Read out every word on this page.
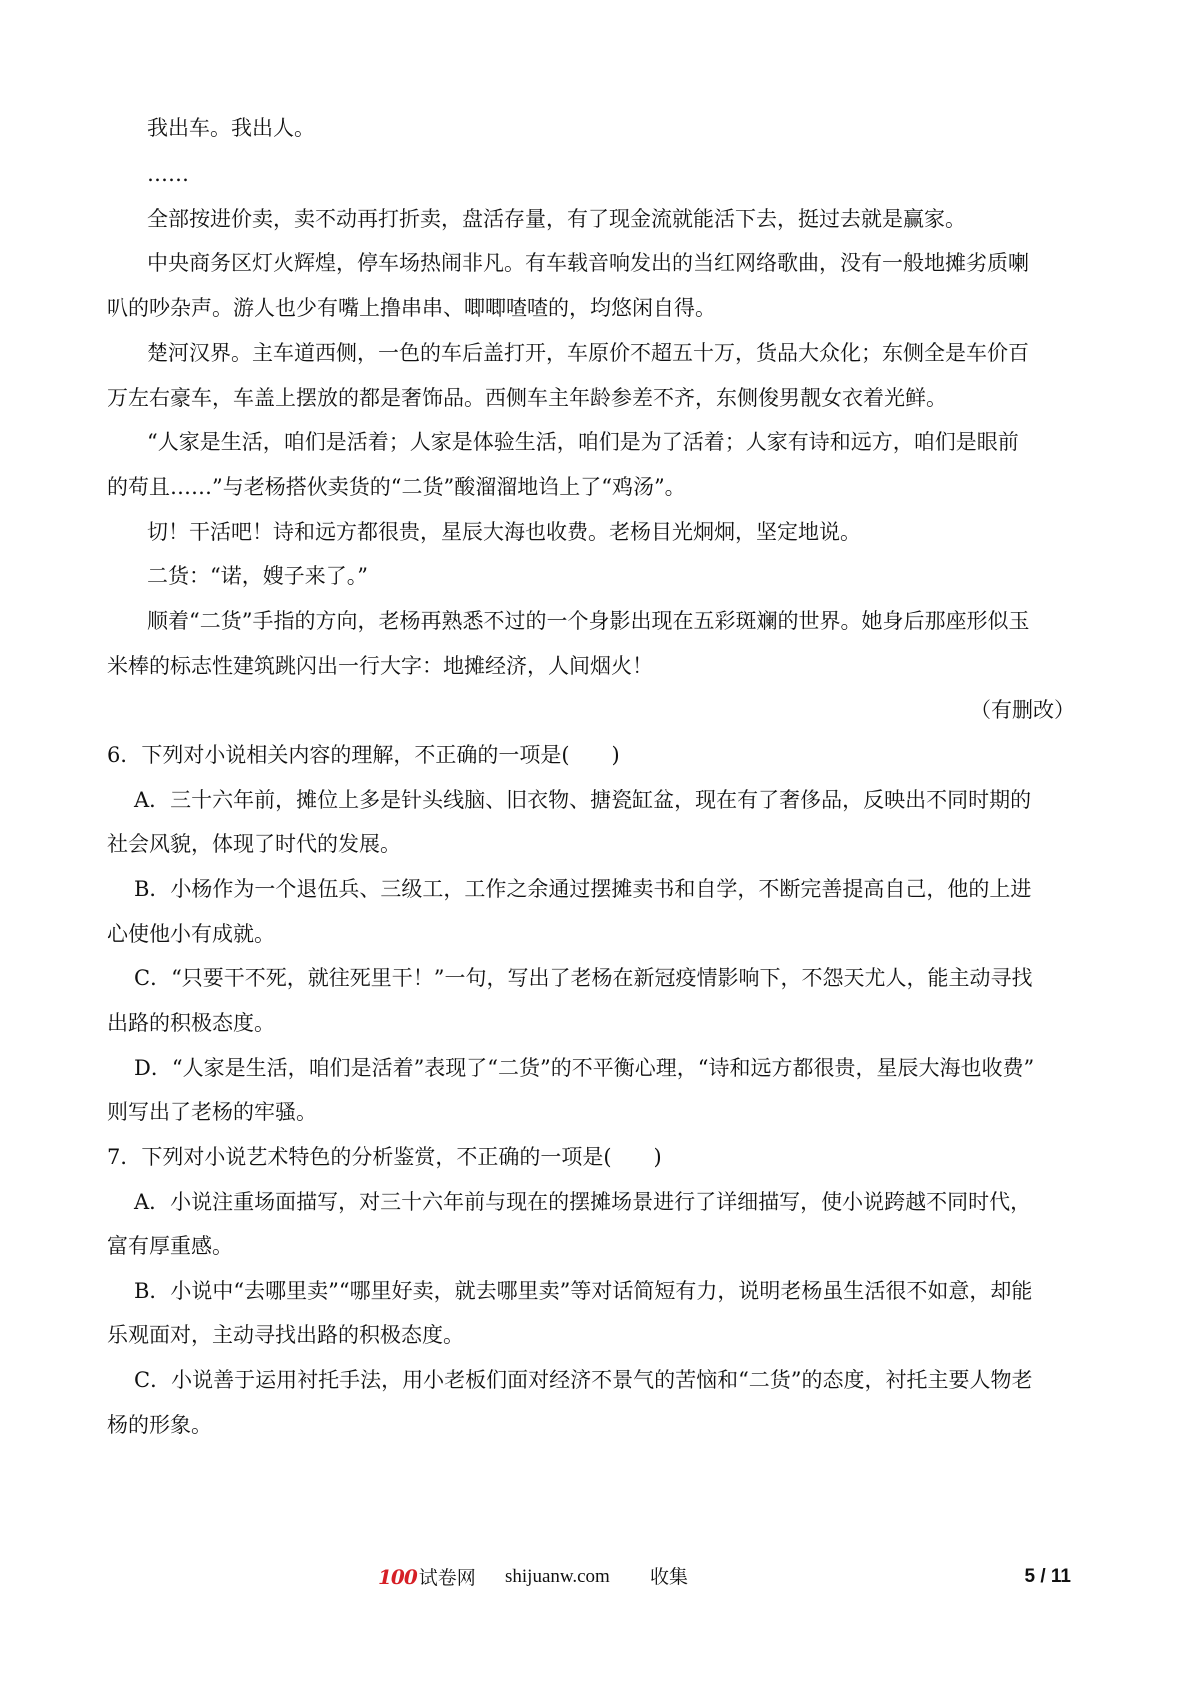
我出车。我出人。
……
全部按进价卖，卖不动再打折卖，盘活存量，有了现金流就能活下去，挺过去就是赢家。
中央商务区灯火辉煌，停车场热闹非凡。有车载音响发出的当红网络歌曲，没有一般地摊劣质喇
叭的吵杂声。游人也少有嘴上撸串串、唧唧喳喳的，均悠闲自得。
楚河汉界。主车道西侧，一色的车后盖打开，车原价不超五十万，货品大众化；东侧全是车价百
万左右豪车，车盖上摆放的都是奢饰品。西侧车主年龄参差不齐，东侧俊男靓女衣着光鲜。
“人家是生活，咱们是活着；人家是体验生活，咱们是为了活着；人家有诗和远方，咱们是眼前
的苟且……”与老杨搭伙卖货的“二货”酸溜溜地诌上了“鸡汤”。
切！干活吧！诗和远方都很贵，星辰大海也收费。老杨目光炯炯，坚定地说。
二货：“诺，嫂子来了。”
顺着“二货”手指的方向，老杨再熟悉不过的一个身影出现在五彩斑斓的世界。她身后那座形似玉
米棒的标志性建筑跳闪出一行大字：地摊经济，人间烟火！
（有删改）
6．下列对小说相关内容的理解，不正确的一项是(　　)
A．三十六年前，摊位上多是针头线脑、旧衣物、搪瓷缸盆，现在有了奢侈品，反映出不同时期的
社会风貌，体现了时代的发展。
B．小杨作为一个退伍兵、三级工，工作之余通过摆摊卖书和自学，不断完善提高自己，他的上进
心使他小有成就。
C．“只要干不死，就往死里干！”一句，写出了老杨在新冠疫情影响下，不怨天尤人，能主动寻找
出路的积极态度。
D．“人家是生活，咱们是活着”表现了“二货”的不平衡心理，“诗和远方都很贵，星辰大海也收费”
则写出了老杨的牢骚。
7．下列对小说艺术特色的分析鉴赏，不正确的一项是(　　)
A．小说注重场面描写，对三十六年前与现在的摆摊场景进行了详细描写，使小说跨越不同时代，
富有厚重感。
B．小说中“去哪里卖”“哪里好卖，就去哪里卖”等对话简短有力，说明老杨虽生活很不如意，却能
乐观面对，主动寻找出路的积极态度。
C．小说善于运用衬托手法，用小老板们面对经济不景气的苦恼和“二货”的态度，衬托主要人物老
杨的形象。
100 试卷网 shijuanw.com 收集	5 / 11
